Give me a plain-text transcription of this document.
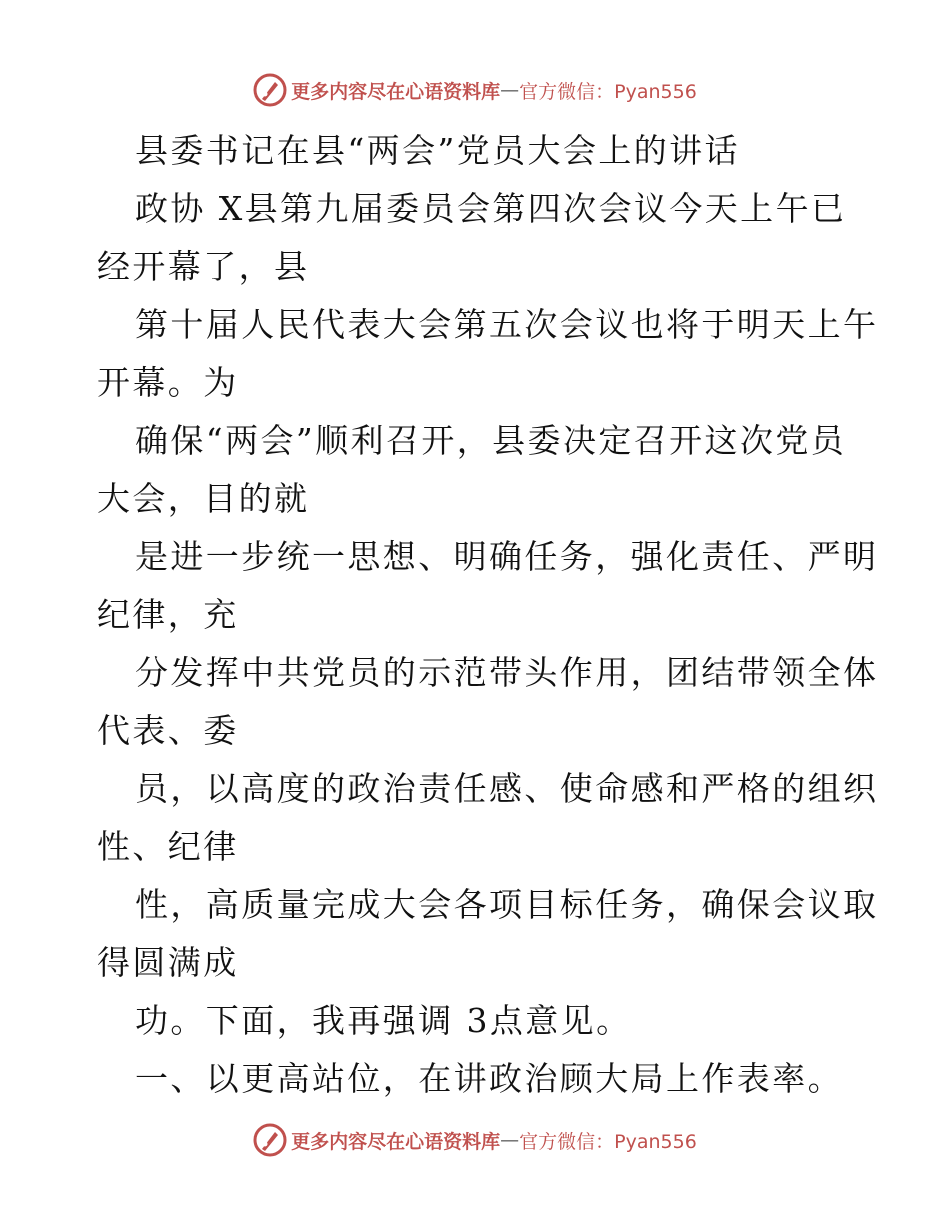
更多内容尽在心语资料库 — 官方微信：Pyan556
县委书记在县“两会”党员大会上的讲话
政协 X县第九届委员会第四次会议今天上午已
经开幕了，县
第十届人民代表大会第五次会议也将于明天上午
开幕。为
确保“两会”顺利召开，县委决定召开这次党员
大会，目的就
是进一步统一思想、明确任务，强化责任、严明
纪律，充
分发挥中共党员的示范带头作用，团结带领全体
代表、委
员，以高度的政治责任感、使命感和严格的组织
性、纪律
性，高质量完成大会各项目标任务，确保会议取
得圆满成
功。下面，我再强调 3点意见。
一、以更高站位，在讲政治顾大局上作表率。
更多内容尽在心语资料库 — 官方微信：Pyan556
